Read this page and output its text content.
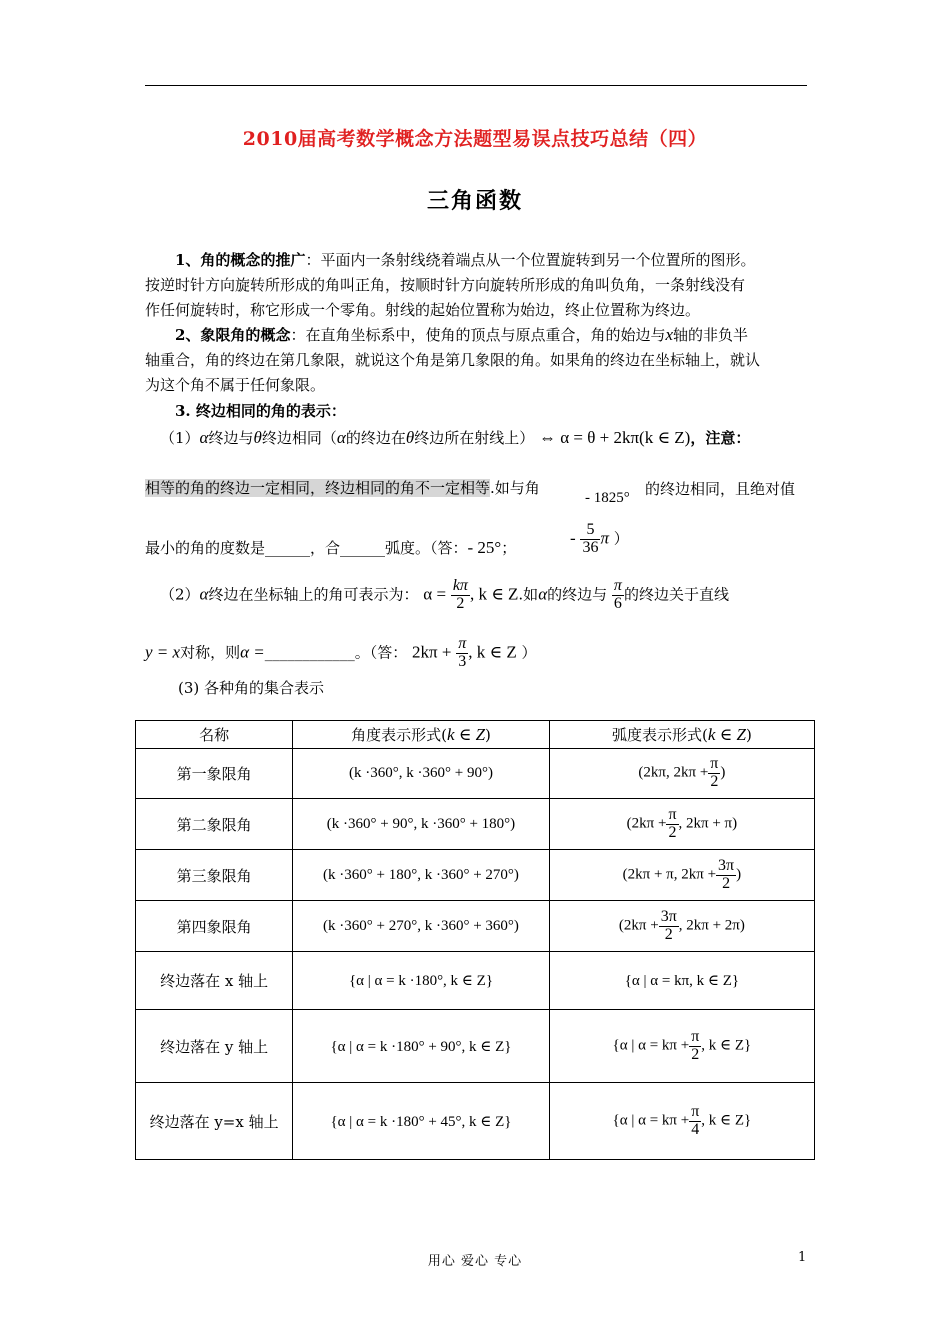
2010届高考数学概念方法题型易误点技巧总结（四）
三角函数
1、角的概念的推广：平面内一条射线绕着端点从一个位置旋转到另一个位置所的图形。
按逆时针方向旋转所形成的角叫正角，按顺时针方向旋转所形成的角叫负角，一条射线没有
作任何旋转时，称它形成一个零角。射线的起始位置称为始边，终止位置称为终边。
2、象限角的概念：在直角坐标系中，使角的顶点与原点重合，角的始边与x轴的非负半
轴重合，角的终边在第几象限，就说这个角是第几象限的角。如果角的终边在坐标轴上，就认
为这个角不属于任何象限。
3. 终边相同的角的表示：
（1）α终边与θ终边相同（α的终边在θ终边所在射线上） ⇔ α = θ + 2kπ(k ∈ Z)，注意：
相等的角的终边一定相同，终边相同的角不一定相等.如与角
- 1825° 的终边相同，且绝对值
最小的角的度数是______，合______弧度。（答：- 25°；
- $\frac{5}{36}$ π ）
（2）α终边在坐标轴上的角可表示为： $\alpha = \frac{k\pi}{2}$ , k ∈ Z.如α的终边与 $\frac{\pi}{6}$ 的终边关于直线
y = x对称，则α =____________。（答： $2k\pi + \frac{\pi}{3}$ , k ∈ Z ）
(3) 各种角的集合表示
名称	角度表示形式(k ∈ Z)	弧度表示形式(k ∈ Z)
第一象限角	(k ·360°, k ·360° + 90°)	(2kπ, $2k\pi + \frac{\pi}{2}$ )
第二象限角	(k ·360° + 90°, k ·360° + 180°)	($2k\pi + \frac{\pi}{2}$ , 2kπ + π)
第三象限角	(k ·360° + 180°, k ·360° + 270°)	(2kπ + π, $2k\pi + \frac{3\pi}{2}$ )
第四象限角	(k ·360° + 270°, k ·360° + 360°)	($2k\pi + \frac{3\pi}{2}$ , 2kπ + 2π)
终边落在 x 轴上	{α | α = k ·180°, k ∈ Z}	{α | α = kπ, k ∈ Z}
终边落在 y 轴上	{α | α = k ·180° + 90°, k ∈ Z}	{α | $\alpha = k\pi + \frac{\pi}{2}$ , k ∈ Z}
终边落在 y=x 轴上	{α | α = k ·180° + 45°, k ∈ Z}	{α | $\alpha = k\pi + \frac{\pi}{4}$ , k ∈ Z}
用心 爱心 专心	1
